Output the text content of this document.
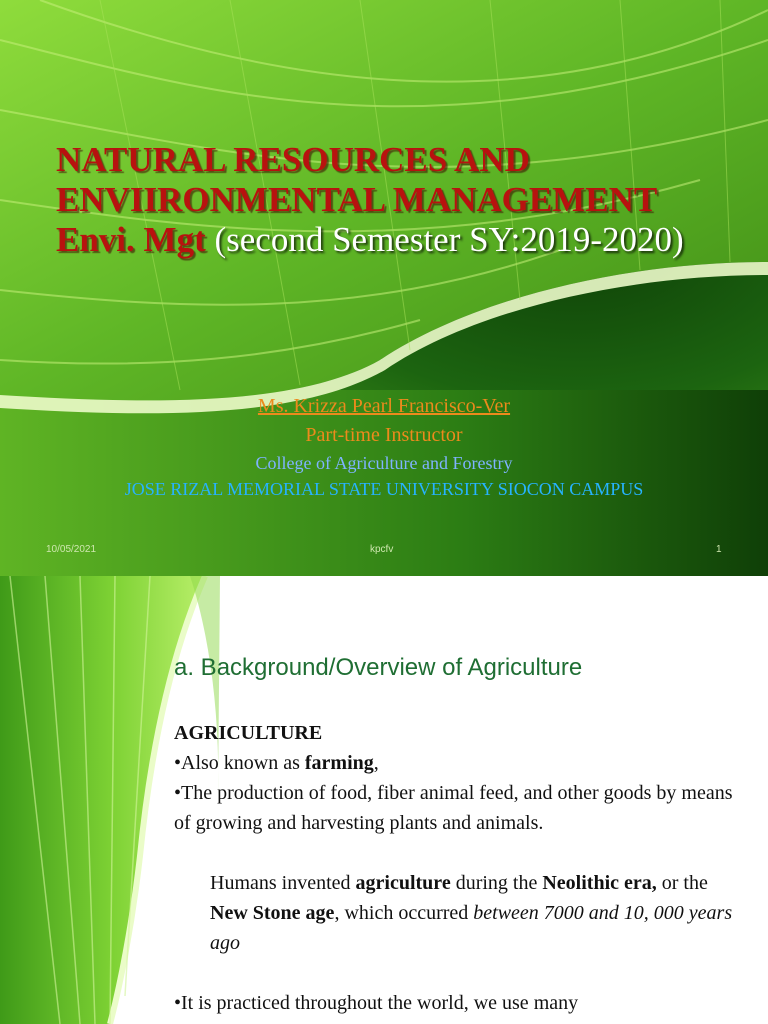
NATURAL RESOURCES AND
ENVIIRONMENTAL MANAGEMENT
Envi. Mgt (second Semester SY:2019-2020)
Ms. Krizza Pearl Francisco-Ver
Part-time Instructor
College of Agriculture and Forestry
JOSE RIZAL MEMORIAL STATE UNIVERSITY SIOCON CAMPUS
10/05/2021	kpcfv	1
a. Background/Overview of Agriculture

AGRICULTURE

•Also known as farming,

•The production of food, fiber animal feed, and other goods by means of growing and harvesting plants and animals.

Humans invented agriculture during the Neolithic era, or the New Stone age, which occurred between 7000 and 10, 000 years ago

•It is practiced throughout the world, we use many
